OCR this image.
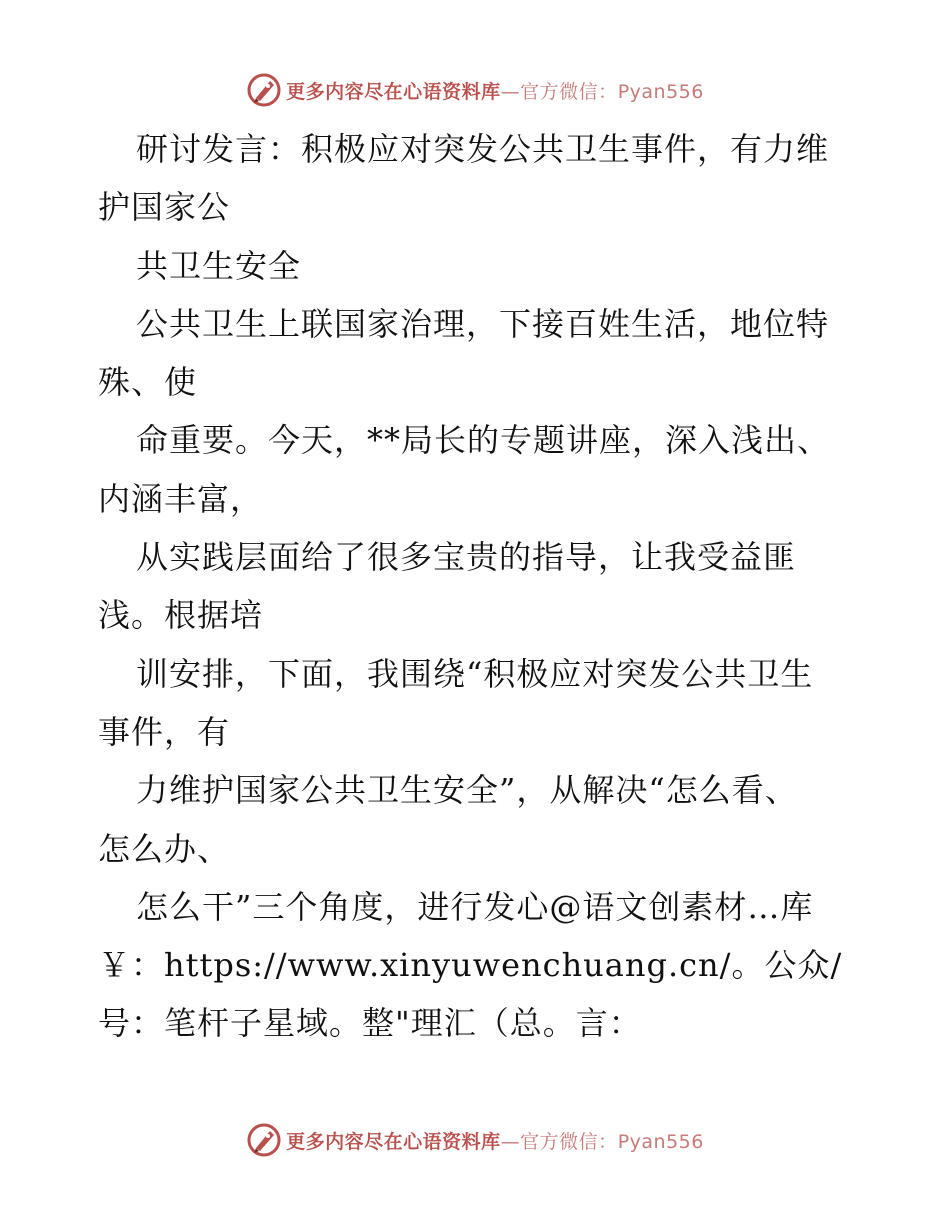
更多内容尽在心语资料库—官方微信：Pyan556
研讨发言：积极应对突发公共卫生事件，有力维
护国家公
共卫生安全
公共卫生上联国家治理，下接百姓生活，地位特
殊、使
命重要。今天，**局长的专题讲座，深入浅出、
内涵丰富，
从实践层面给了很多宝贵的指导，让我受益匪
浅。根据培
训安排，下面，我围绕“积极应对突发公共卫生
事件，有
力维护国家公共卫生安全”，从解决“怎么看、
怎么办、
怎么干”三个角度，进行发心@语文创素材…库
￥：https://www.xinyuwenchuang.cn/。公众/
号：笔杆子星域。整"理汇（总。言：
更多内容尽在心语资料库—官方微信：Pyan556
